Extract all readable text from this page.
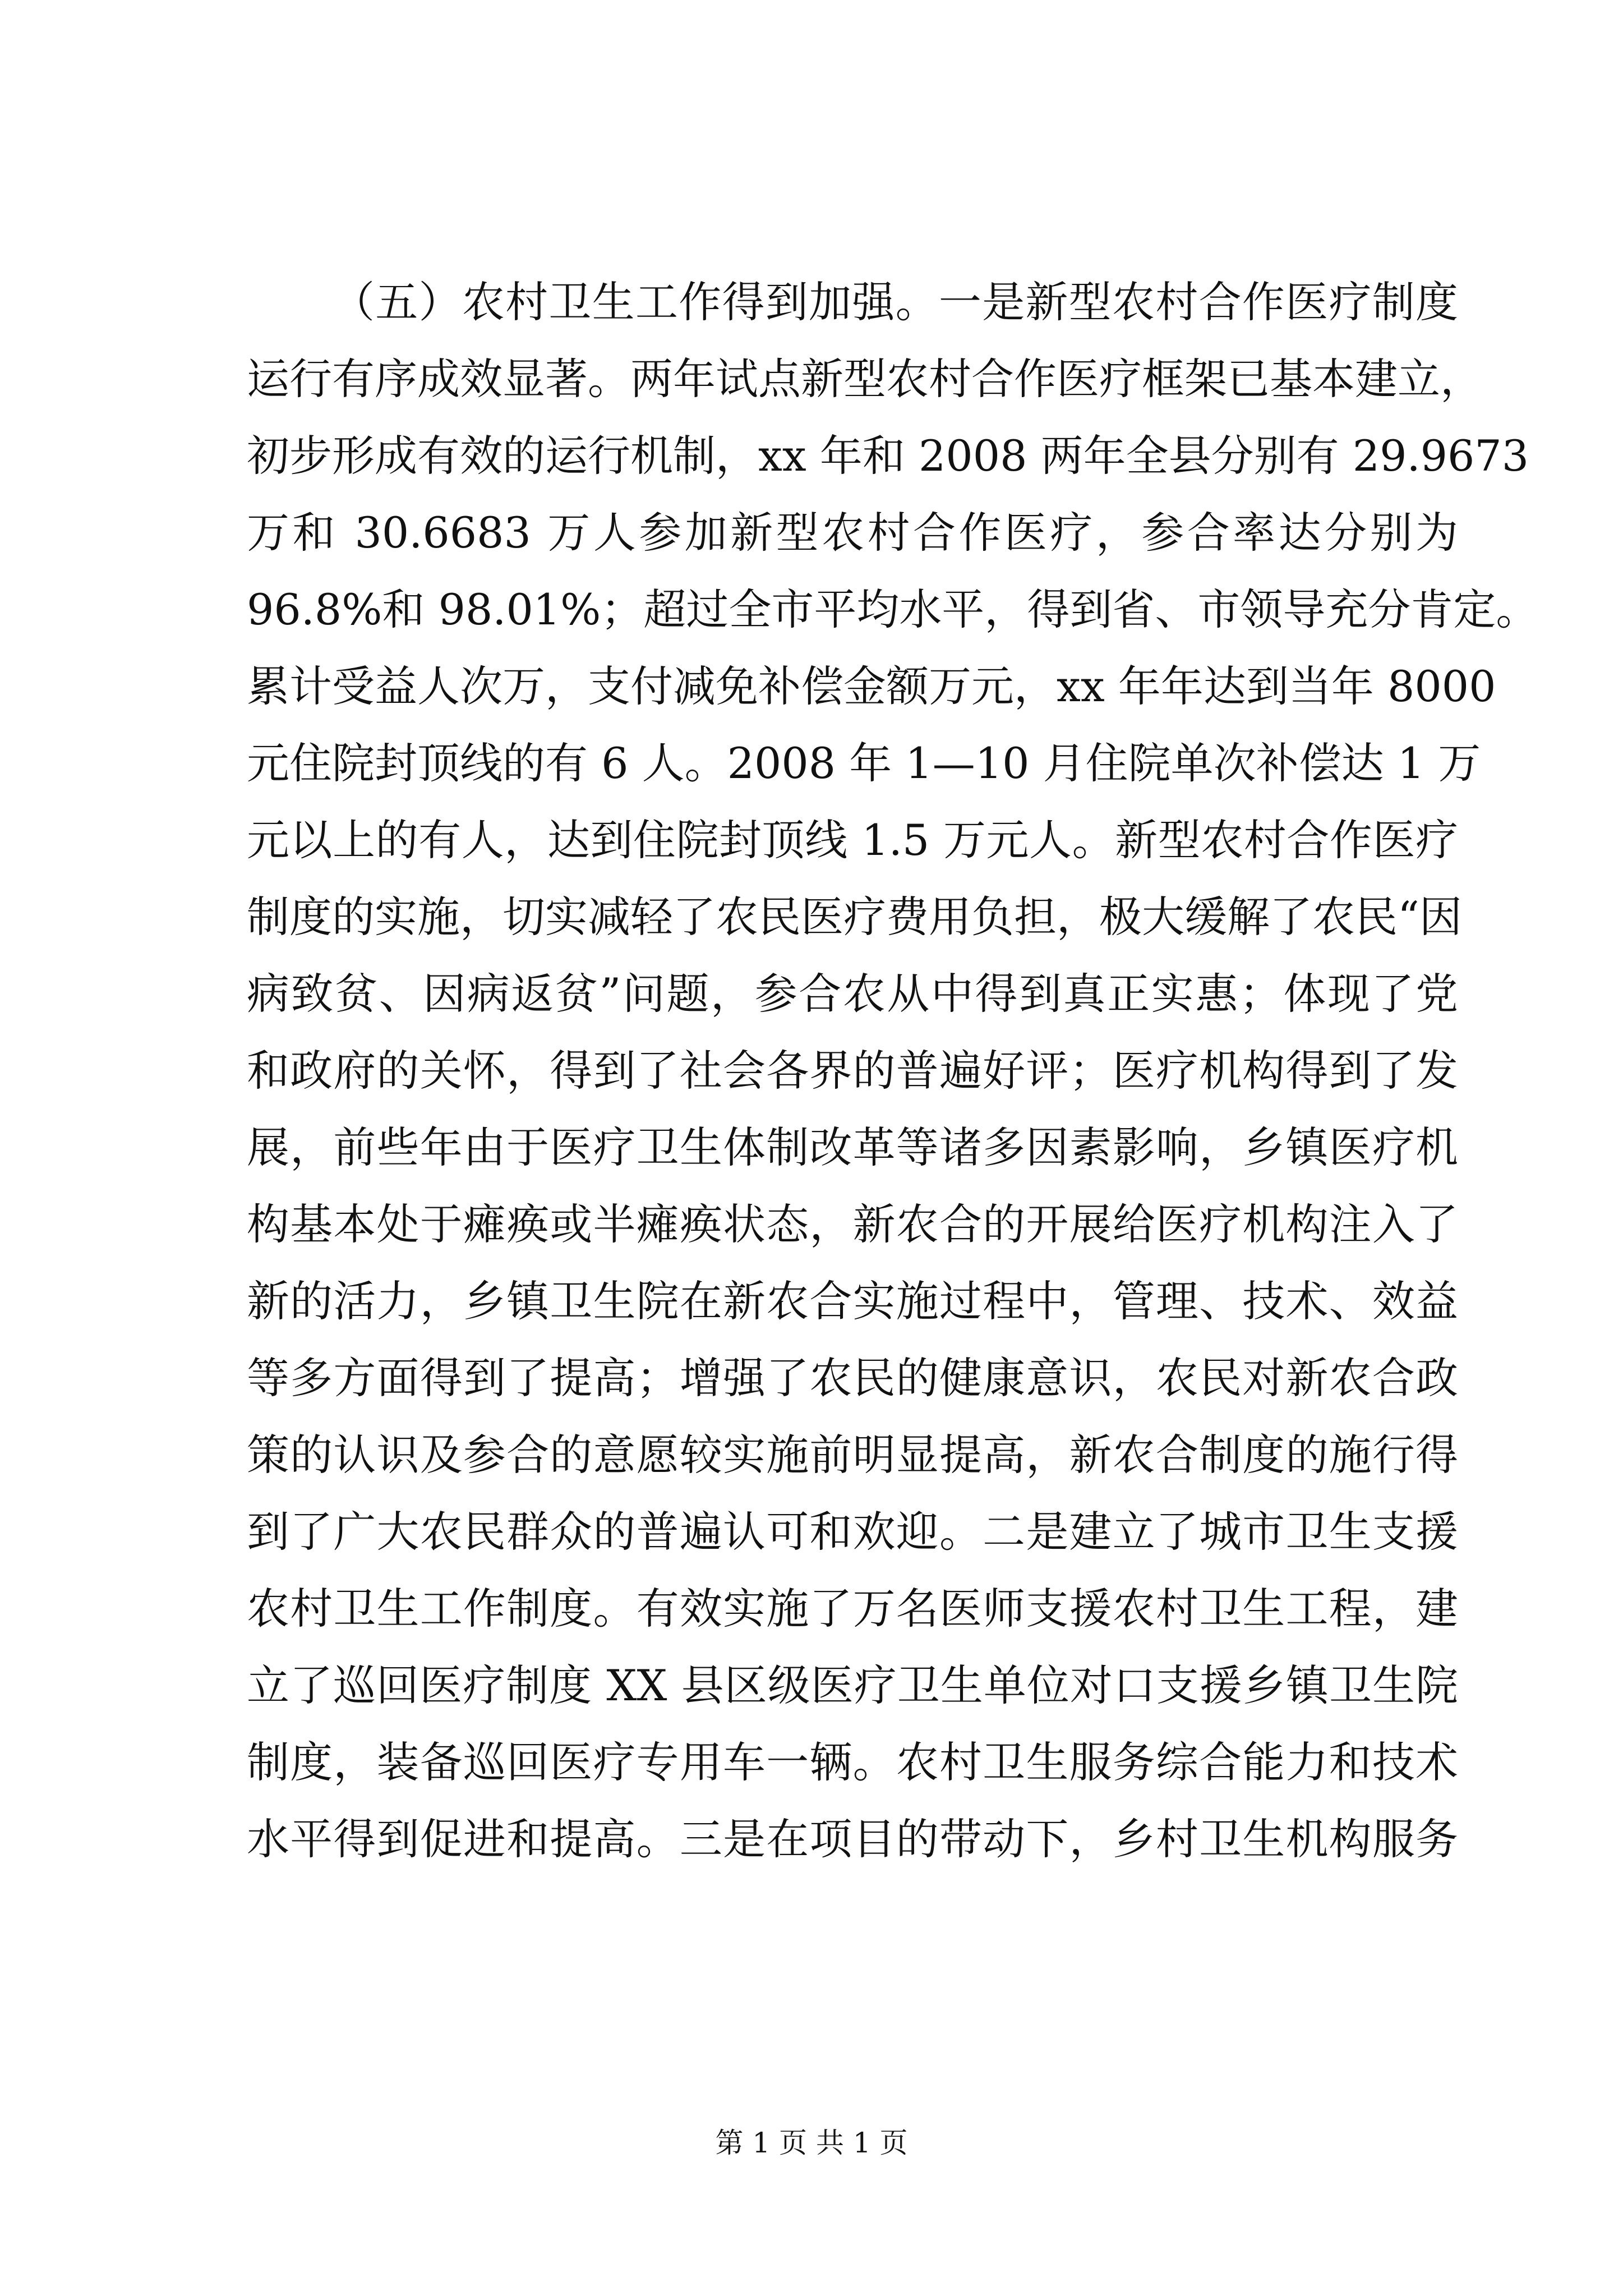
（五）农村卫生工作得到加强。一是新型农村合作医疗制度
运行有序成效显著。两年试点新型农村合作医疗框架已基本建立，
初步形成有效的运行机制，xx 年和 2008 两年全县分别有 29.9673
万和 30.6683 万人参加新型农村合作医疗，参合率达分别为
96.8%和 98.01%；超过全市平均水平，得到省、市领导充分肯定。
累计受益人次万，支付减免补偿金额万元，xx 年年达到当年 8000
元住院封顶线的有 6 人。2008 年 1—10 月住院单次补偿达 1 万
元以上的有人，达到住院封顶线 1.5 万元人。新型农村合作医疗
制度的实施，切实减轻了农民医疗费用负担，极大缓解了农民“因
病致贫、因病返贫”问题，参合农从中得到真正实惠；体现了党
和政府的关怀，得到了社会各界的普遍好评；医疗机构得到了发
展，前些年由于医疗卫生体制改革等诸多因素影响，乡镇医疗机
构基本处于瘫痪或半瘫痪状态，新农合的开展给医疗机构注入了
新的活力，乡镇卫生院在新农合实施过程中，管理、技术、效益
等多方面得到了提高；增强了农民的健康意识，农民对新农合政
策的认识及参合的意愿较实施前明显提高，新农合制度的施行得
到了广大农民群众的普遍认可和欢迎。二是建立了城市卫生支援
农村卫生工作制度。有效实施了万名医师支援农村卫生工程，建
立了巡回医疗制度 XX 县区级医疗卫生单位对口支援乡镇卫生院
制度，装备巡回医疗专用车一辆。农村卫生服务综合能力和技术
水平得到促进和提高。三是在项目的带动下，乡村卫生机构服务
第 1 页 共 1 页
